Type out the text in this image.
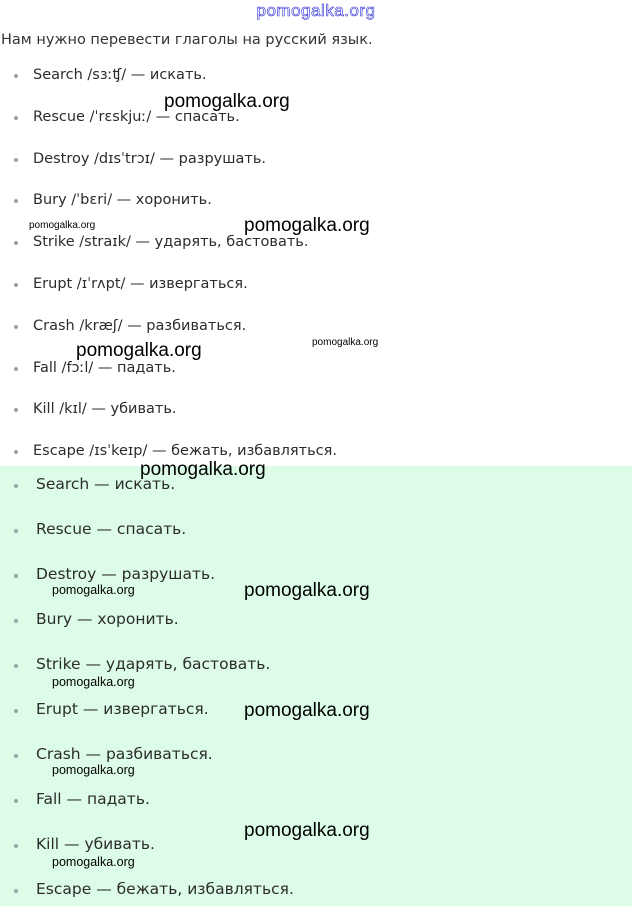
pomogalka.org
Нам нужно перевести глаголы на русский язык.
Search /sɜːʧ/ — искать.
Rescue /ˈrɛskjuː/ — спасать.
Destroy /dɪsˈtrɔɪ/ — разрушать.
Bury /ˈbɛri/ — хоронить.
Strike /straɪk/ — ударять, бастовать.
Erupt /ɪˈrʌpt/ — извергаться.
Crash /kræʃ/ — разбиваться.
Fall /fɔːl/ — падать.
Kill /kɪl/ — убивать.
Escape /ɪsˈkeɪp/ — бежать, избавляться.
Search — искать.
Rescue — спасать.
Destroy — разрушать.
Bury — хоронить.
Strike — ударять, бастовать.
Erupt — извергаться.
Crash — разбиваться.
Fall — падать.
Kill — убивать.
Escape — бежать, избавляться.
pomogalka.org
pomogalka.org	pomogalka.org
pomogalka.org	pomogalka.org
pomogalka.org
pomogalka.org	pomogalka.org
pomogalka.org
pomogalka.org
pomogalka.org
pomogalka.org
pomogalka.org
